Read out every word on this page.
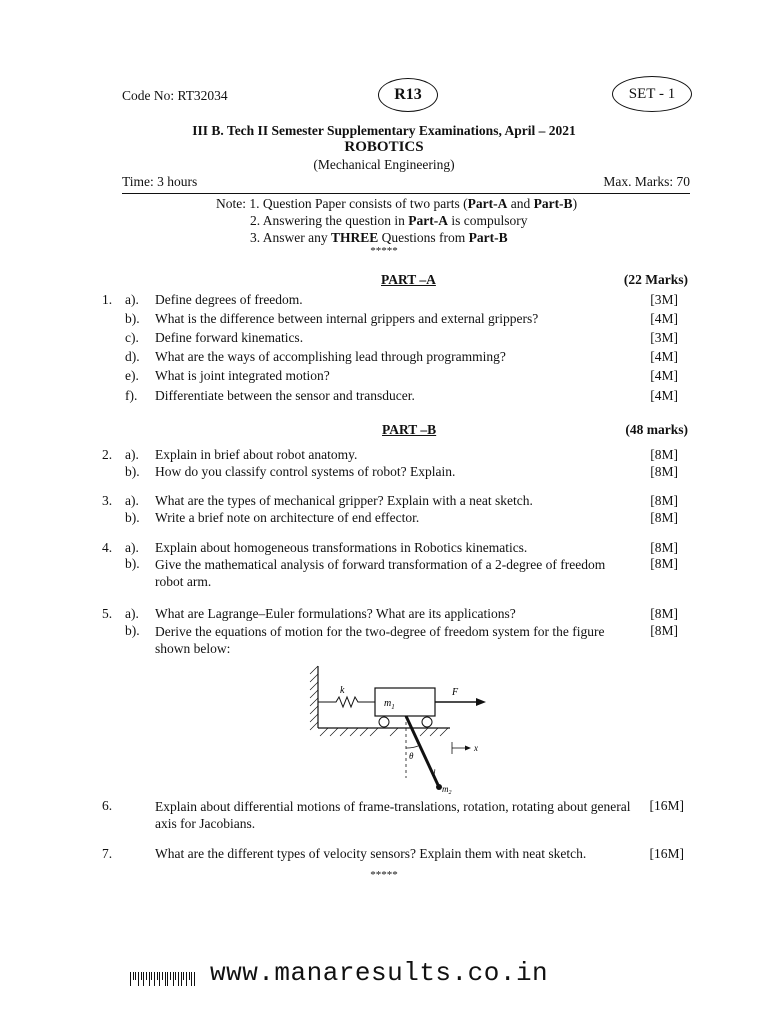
Code No: RT32034	R13	SET - 1
III B. Tech II Semester Supplementary Examinations, April – 2021
ROBOTICS
(Mechanical Engineering)
Time: 3 hours	Max. Marks: 70
Note: 1. Question Paper consists of two parts (Part-A and Part-B)
2. Answering the question in Part-A is compulsory
3. Answer any THREE Questions from Part-B
*****
PART –A	(22 Marks)
1. a). Define degrees of freedom.	[3M]
b). What is the difference between internal grippers and external grippers?	[4M]
c). Define forward kinematics.	[3M]
d). What are the ways of accomplishing lead through programming?	[4M]
e). What is joint integrated motion?	[4M]
f). Differentiate between the sensor and transducer.	[4M]
PART –B	(48 marks)
2. a). Explain in brief about robot anatomy.	[8M]
b). How do you classify control systems of robot? Explain.	[8M]
3. a). What are the types of mechanical gripper? Explain with a neat sketch.	[8M]
b). Write a brief note on architecture of end effector.	[8M]
4. a). Explain about homogeneous transformations in Robotics kinematics.	[8M]
b). Give the mathematical analysis of forward transformation of a 2-degree of freedom robot arm.
[8M]
5. a). What are Lagrange–Euler formulations? What are its applications?	[8M]
b). Derive the equations of motion for the two-degree of freedom system for the figure shown below:
[8M]
k
$m_1$
F
$m_2$
l
θ
x
6.	Explain about differential motions of frame-translations, rotation, rotating about general axis for Jacobians.
[16M]
7.	What are the different types of velocity sensors? Explain them with neat sketch.	[16M]
*****
www.manaresults.co.in
